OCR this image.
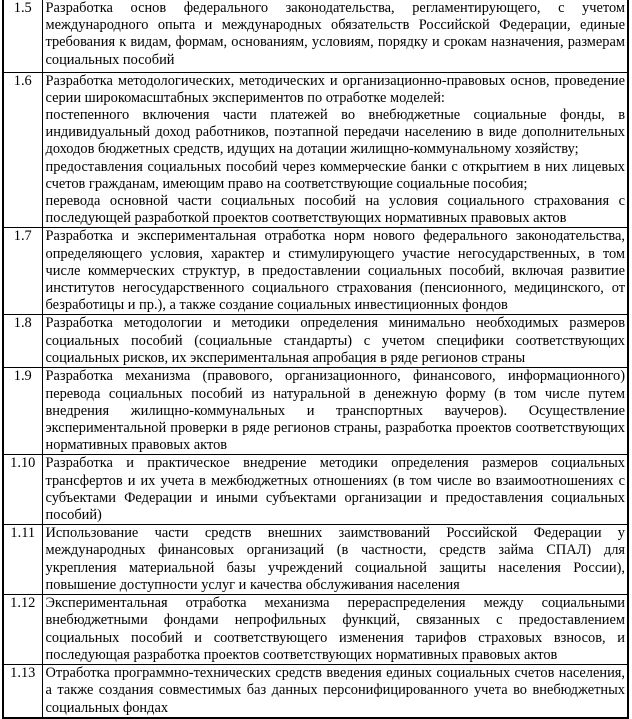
1.5	Разработка основ федерального законодательства, регламентирующего, с учетом международного опыта и международных обязательств Российской Федерации, единые требования к видам, формам, основаниям, условиям, порядку и срокам назначения, размерам социальных пособий

1.6	Разработка методологических, методических и организационно-правовых основ, проведение серии широкомасштабных экспериментов по отработке моделей:
постепенного включения части платежей во внебюджетные социальные фонды, в индивидуальный доход работников, поэтапной передачи населению в виде дополнительных доходов бюджетных средств, идущих на дотации жилищно-коммунальному хозяйству;
предоставления социальных пособий через коммерческие банки с открытием в них лицевых счетов гражданам, имеющим право на соответствующие социальные пособия;
перевода основной части социальных пособий на условия социального страхования с последующей разработкой проектов соответствующих нормативных правовых актов

1.7	Разработка и экспериментальная отработка норм нового федерального законодательства, определяющего условия, характер и стимулирующего участие негосударственных, в том числе коммерческих структур, в предоставлении социальных пособий, включая развитие институтов негосударственного социального страхования (пенсионного, медицинского, от безработицы и пр.), а также создание социальных инвестиционных фондов

1.8	Разработка методологии и методики определения минимально необходимых размеров социальных пособий (социальные стандарты) с учетом специфики соответствующих социальных рисков, их экспериментальная апробация в ряде регионов страны

1.9	Разработка механизма (правового, организационного, финансового, информационного) перевода социальных пособий из натуральной в денежную форму (в том числе путем внедрения жилищно-коммунальных и транспортных ваучеров). Осуществление экспериментальной проверки в ряде регионов страны, разработка проектов соответствующих нормативных правовых актов

1.10	Разработка и практическое внедрение методики определения размеров социальных трансфертов и их учета в межбюджетных отношениях (в том числе во взаимоотношениях с субъектами Федерации и иными субъектами организации и предоставления социальных пособий)

1.11	Использование части средств внешних заимствований Российской Федерации у международных финансовых организаций (в частности, средств займа СПАЛ) для укрепления материальной базы учреждений социальной защиты населения России), повышение доступности услуг и качества обслуживания населения

1.12	Экспериментальная отработка механизма перераспределения между социальными внебюджетными фондами непрофильных функций, связанных с предоставлением социальных пособий и соответствующего изменения тарифов страховых взносов, и последующая разработка проектов соответствующих нормативных правовых актов

1.13	Отработка программно-технических средств введения единых социальных счетов населения, а также создания совместимых баз данных персонифицированного учета во внебюджетных социальных фондах
